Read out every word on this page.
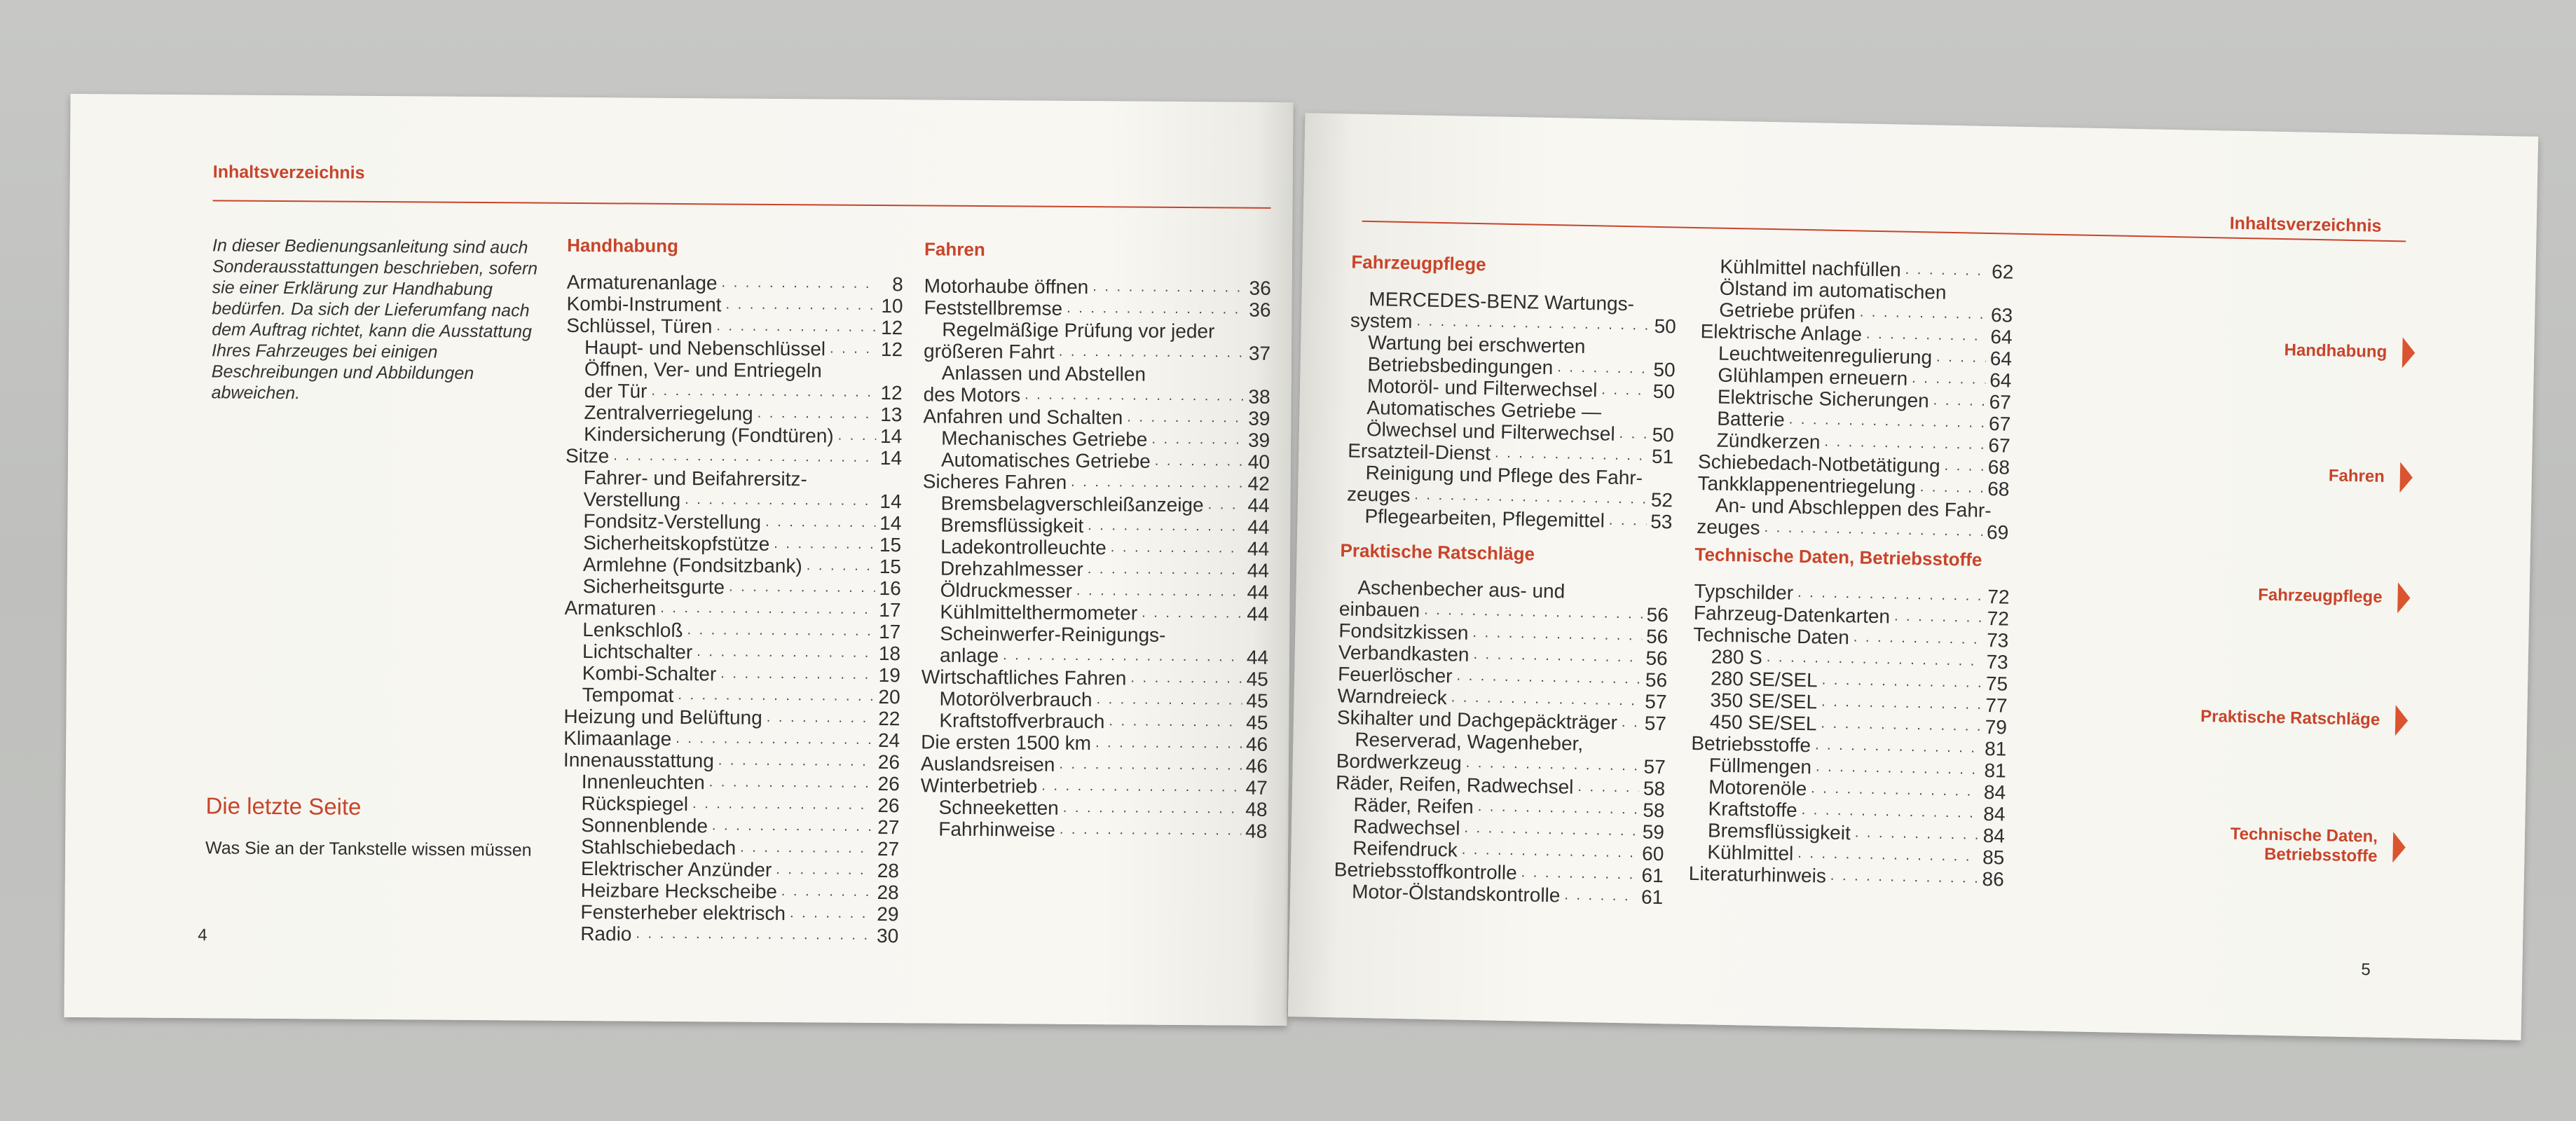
Inhaltsverzeichnis
In dieser Bedienungsanleitung sind auch Sonderausstattungen beschrieben, sofern sie einer Erklärung zur Handhabung bedürfen. Da sich der Lieferumfang nach dem Auftrag richtet, kann die Ausstattung Ihres Fahrzeuges bei einigen Beschreibungen und Abbildungen abweichen.
Die letzte Seite
Was Sie an der Tankstelle wissen müssen
Handhabung
Armaturenanlage . . .	8
Kombi-Instrument . . .	10
Schlüssel, Türen . . .	12
Haupt- und Nebenschlüssel . . .	12
Öffnen, Ver- und Entriegeln
der Tür . . .	12
Zentralverriegelung . . .	13
Kindersicherung (Fondtüren) . . . 14
Sitze . . .	14
Fahrer- und Beifahrersitz-
Verstellung . . .	14
Fondsitz-Verstellung . . .	14
Sicherheitskopfstütze . . .	15
Armlehne (Fondsitzbank) . . .	15
Sicherheitsgurte . . .	16
Armaturen . . .	17
Lenkschloß . . .	17
Lichtschalter . . .	18
Kombi-Schalter . . .	19
Tempomat . . .	20
Heizung und Belüftung . . .	22
Klimaanlage . . .	24
Innenausstattung . . .	26
Innenleuchten . . .	26
Rückspiegel . . .	26
Sonnenblende . . .	27
Stahlschiebedach . . .	27
Elektrischer Anzünder . . .	28
Heizbare Heckscheibe . . .	28
Fensterheber elektrisch . . .	29
Radio . . .	30
Fahren
Motorhaube öffnen . . .	36
Feststellbremse . . .	36
Regelmäßige Prüfung vor jeder
größeren Fahrt . . .	37
Anlassen und Abstellen
des Motors . . .	38
Anfahren und Schalten . . .	39
Mechanisches Getriebe . . .	39
Automatisches Getriebe . . .	40
Sicheres Fahren . . .	42
Bremsbelagverschleißanzeige . . . 44
Bremsflüssigkeit . . .	44
Ladekontrolleuchte . . .	44
Drehzahlmesser . . .	44
Öldruckmesser . . .	44
Kühlmittelthermometer . . .	44
Scheinwerfer-Reinigungs-
anlage . . .	44
Wirtschaftliches Fahren . . .	45
Motorölverbrauch . . .	45
Kraftstoffverbrauch . . .	45
Die ersten 1500 km . . .	46
Auslandsreisen . . .	46
Winterbetrieb . . .	47
Schneeketten . . .	48
Fahrhinweise . . .	48
4
Inhaltsverzeichnis
Fahrzeugpflege
MERCEDES-BENZ Wartungs-
system . . .	50
Wartung bei erschwerten
Betriebsbedingungen . . .	50
Motoröl- und Filterwechsel . . .	50
Automatisches Getriebe —
Ölwechsel und Filterwechsel . . . 50
Ersatzteil-Dienst . . .	51
Reinigung und Pflege des Fahr-
zeuges . . .	52
Pflegearbeiten, Pflegemittel . . . 53
Kühlmittel nachfüllen . . .	62
Ölstand im automatischen
Getriebe prüfen . . .	63
Elektrische Anlage . . .	64
Leuchtweitenregulierung . . .	64
Glühlampen erneuern . . .	64
Elektrische Sicherungen . . .	67
Batterie . . .	67
Zündkerzen . . .	67
Schiebedach-Notbetätigung . . . 68
Tankklappenentriegelung . . .	68
An- und Abschleppen des Fahr-
zeuges . . .	69
Praktische Ratschläge
Aschenbecher aus- und
einbauen . . .	56
Fondsitzkissen . . .	56
Verbandkasten . . .	56
Feuerlöscher . . .	56
Warndreieck . . .	57
Skihalter und Dachgepäckträger . . . 57
Reserverad, Wagenheber,
Bordwerkzeug . . .	57
Räder, Reifen, Radwechsel . . .	58
Räder, Reifen . . .	58
Radwechsel . . .	59
Reifendruck . . .	60
Betriebsstoffkontrolle . . .	61
Motor-Ölstandskontrolle . . .	61
Technische Daten, Betriebsstoffe
Typschilder . . .	72
Fahrzeug-Datenkarten . . .	72
Technische Daten . . .	73
280 S . . .	73
280 SE/SEL . . .	75
350 SE/SEL . . .	77
450 SE/SEL . . .	79
Betriebsstoffe . . .	81
Füllmengen . . .	81
Motorenöle . . .	84
Kraftstoffe . . .	84
Bremsflüssigkeit . . .	84
Kühlmittel . . .	85
Literaturhinweis . . .	86
Handhabung
Fahren
Fahrzeugpflege
Praktische Ratschläge
Technische Daten,
Betriebsstoffe
5
